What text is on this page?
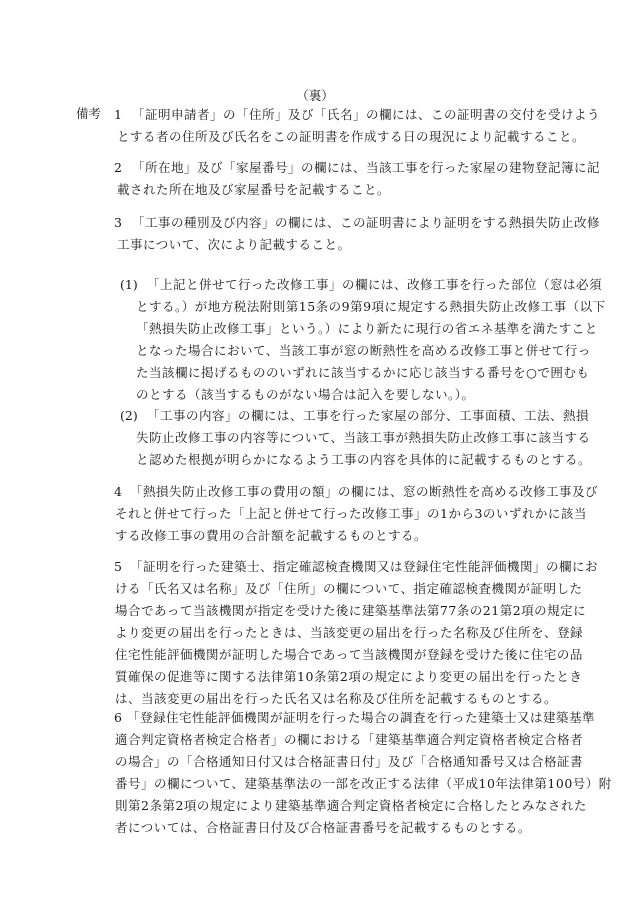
（裏）
備考 1 「証明申請者」の「住所」及び「氏名」の欄には、この証明書の交付を受けよう
とする者の住所及び氏名をこの証明書を作成する日の現況により記載すること。
2 「所在地」及び「家屋番号」の欄には、当該工事を行った家屋の建物登記簿に記
載された所在地及び家屋番号を記載すること。
3 「工事の種別及び内容」の欄には、この証明書により証明をする熱損失防止改修
工事について、次により記載すること。
(1) 「上記と併せて行った改修工事」の欄には、改修工事を行った部位（窓は必須
とする。）が地方税法附則第15条の9第9項に規定する熱損失防止改修工事（以下
「熱損失防止改修工事」という。）により新たに現行の省エネ基準を満たすこと
となった場合において、当該工事が窓の断熱性を高める改修工事と併せて行っ
た当該欄に掲げるもののいずれに該当するかに応じ該当する番号を○で囲むも
のとする（該当するものがない場合は記入を要しない。）。
(2) 「工事の内容」の欄には、工事を行った家屋の部分、工事面積、工法、熱損
失防止改修工事の内容等について、当該工事が熱損失防止改修工事に該当する
と認めた根拠が明らかになるよう工事の内容を具体的に記載するものとする。
4 「熱損失防止改修工事の費用の額」の欄には、窓の断熱性を高める改修工事及び
それと併せて行った「上記と併せて行った改修工事」の1から3のいずれかに該当
する改修工事の費用の合計額を記載するものとする。
5 「証明を行った建築士、指定確認検査機関又は登録住宅性能評価機関」の欄にお
ける「氏名又は名称」及び「住所」の欄について、指定確認検査機関が証明した
場合であって当該機関が指定を受けた後に建築基準法第77条の21第2項の規定に
より変更の届出を行ったときは、当該変更の届出を行った名称及び住所を、登録
住宅性能評価機関が証明した場合であって当該機関が登録を受けた後に住宅の品
質確保の促進等に関する法律第10条第2項の規定により変更の届出を行ったとき
は、当該変更の届出を行った氏名又は名称及び住所を記載するものとする。
6 「登録住宅性能評価機関が証明を行った場合の調査を行った建築士又は建築基準
適合判定資格者検定合格者」の欄における「建築基準適合判定資格者検定合格者
の場合」の「合格通知日付又は合格証書日付」及び「合格通知番号又は合格証書
番号」の欄について、建築基準法の一部を改正する法律（平成10年法律第100号）附
則第2条第2項の規定により建築基準適合判定資格者検定に合格したとみなされた
者については、合格証書日付及び合格証書番号を記載するものとする。
